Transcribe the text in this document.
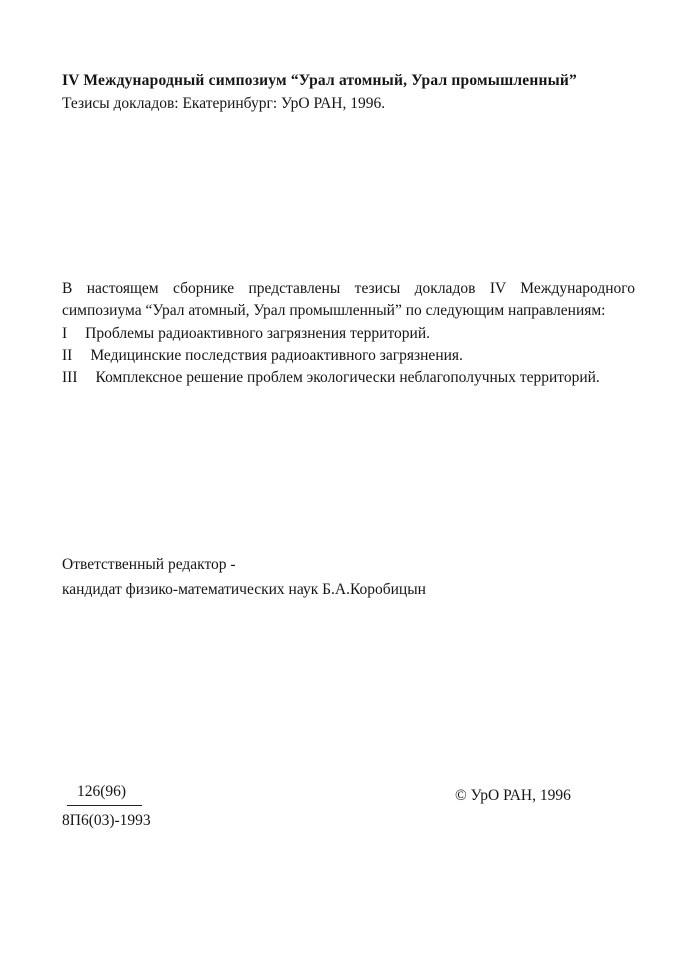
IV Международный симпозиум “Урал атомный, Урал промышленный”
Тезисы докладов: Екатеринбург: УрО РАН, 1996.

В настоящем сборнике представлены тезисы докладов IV Международного симпозиума “Урал атомный, Урал промышленный” по следующим направлениям:

I Проблемы радиоактивного загрязнения территорий.
II Медицинские последствия радиоактивного загрязнения.
III Комплексное решение проблем экологически неблагополучных территорий.
Ответственный редактор -
кандидат физико-математических наук Б.А.Коробицын
126(96)
8П6(03)-1993
© УрО РАН, 1996
